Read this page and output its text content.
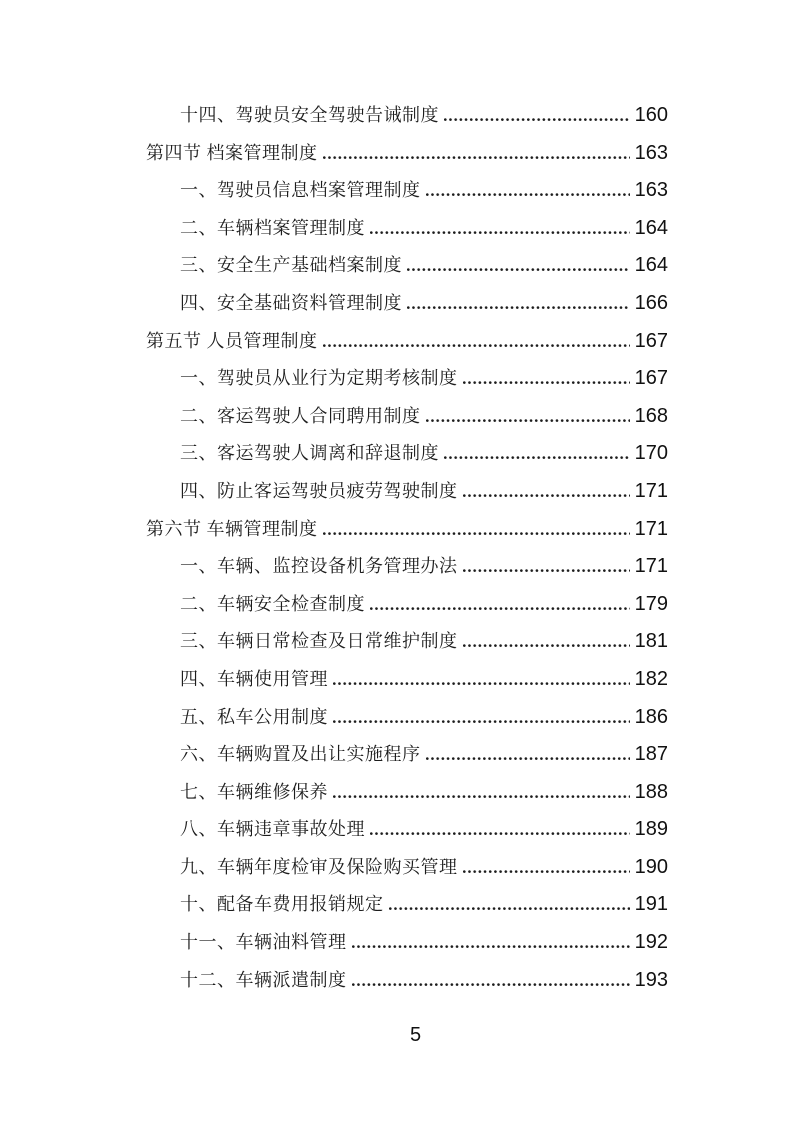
十四、驾驶员安全驾驶告诫制度	160
第四节 档案管理制度	163
一、驾驶员信息档案管理制度	163
二、车辆档案管理制度	164
三、安全生产基础档案制度	164
四、安全基础资料管理制度	166
第五节 人员管理制度	167
一、驾驶员从业行为定期考核制度	167
二、客运驾驶人合同聘用制度	168
三、客运驾驶人调离和辞退制度	170
四、防止客运驾驶员疲劳驾驶制度	171
第六节 车辆管理制度	171
一、车辆、监控设备机务管理办法	171
二、车辆安全检查制度	179
三、车辆日常检查及日常维护制度	181
四、车辆使用管理	182
五、私车公用制度	186
六、车辆购置及出让实施程序	187
七、车辆维修保养	188
八、车辆违章事故处理	189
九、车辆年度检审及保险购买管理	190
十、配备车费用报销规定	191
十一、车辆油料管理	192
十二、车辆派遣制度	193
5
